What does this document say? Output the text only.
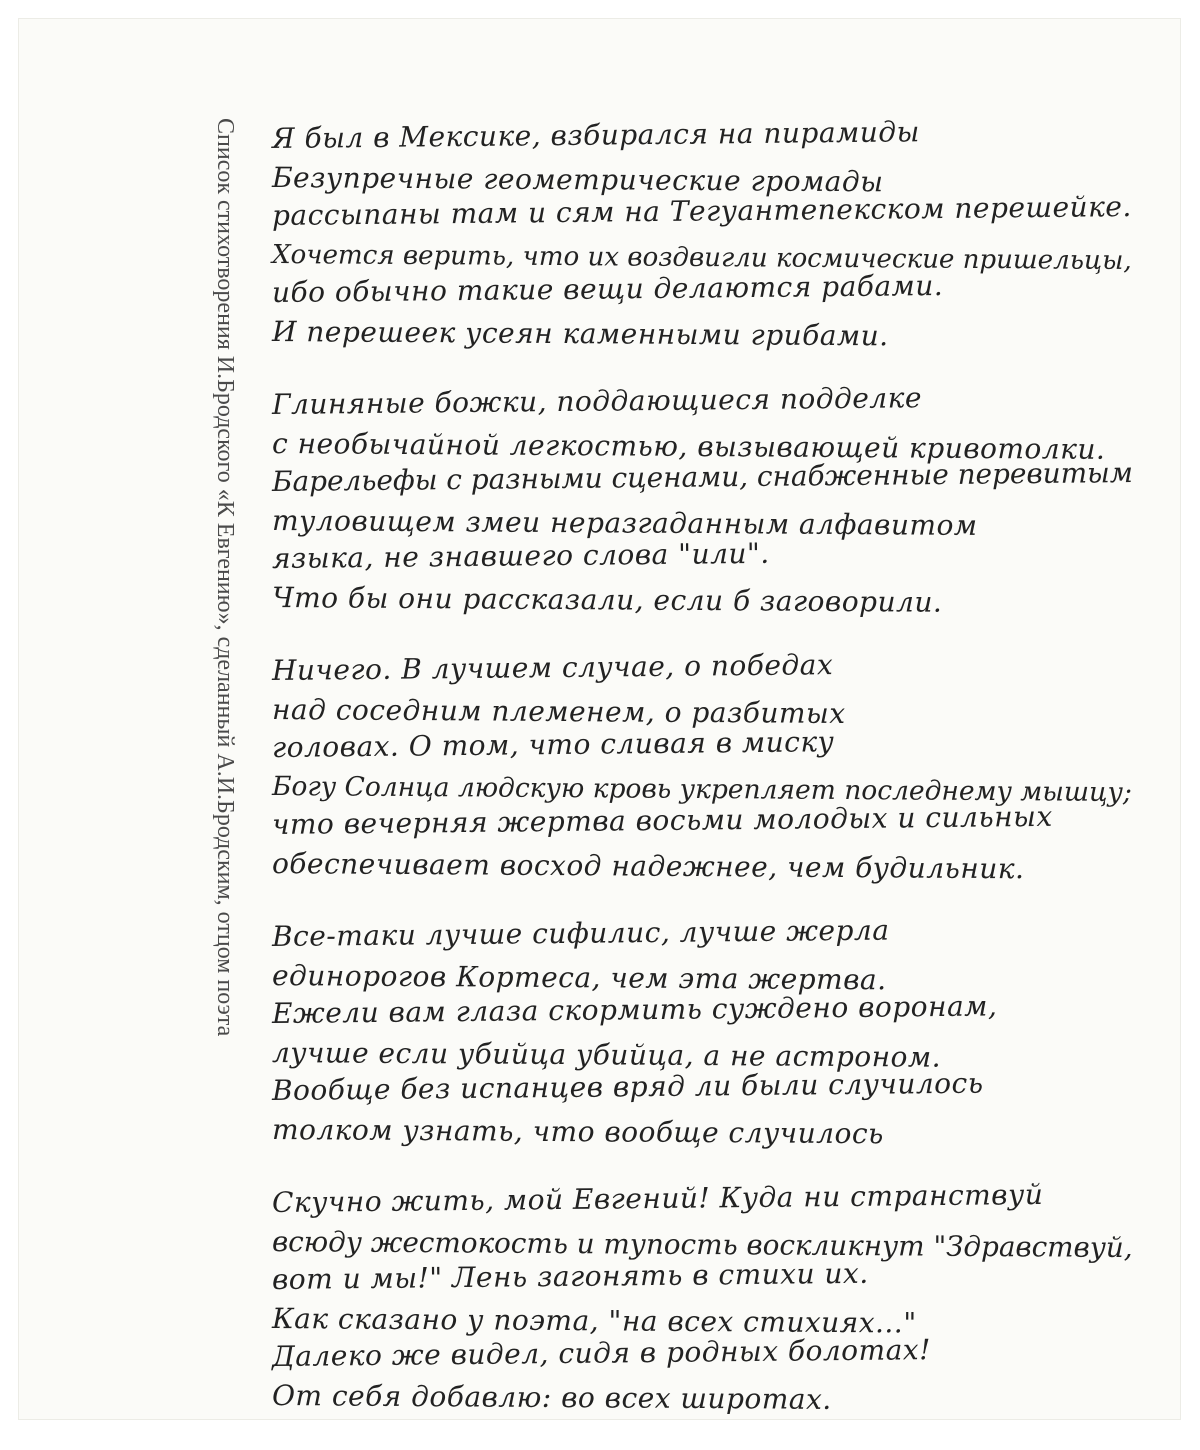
Список стихотворения И.Бродского «К Евгению», сделанный А.И.Бродским, отцом поэта Я был в Мексике, взбирался на пирамиды
Безупречные геометрические громады
рассыпаны там и сям на Тегуантепекском перешейке.
Хочется верить, что их воздвигли космические пришельцы,
ибо обычно такие вещи делаются рабами.
И перешеек усеян каменными грибами.
Глиняные божки, поддающиеся подделке
с необычайной легкостью, вызывающей кривотолки.
Барельефы с разными сценами, снабженные перевитым
туловищем змеи неразгаданным алфавитом
языка, не знавшего слова "или".
Что бы они рассказали, если б заговорили.
Ничего. В лучшем случае, о победах
над соседним племенем, о разбитых
головах. О том, что сливая в миску
Богу Солнца людскую кровь укрепляет последнему мышцу;
что вечерняя жертва восьми молодых и сильных
обеспечивает восход надежнее, чем будильник.
Все-таки лучше сифилис, лучше жерла
единорогов Кортеса, чем эта жертва.
Ежели вам глаза скормить суждено воронам,
лучше если убийца убийца, а не астроном.
Вообще без испанцев вряд ли были случилось
толком узнать, что вообще случилось
Скучно жить, мой Евгений! Куда ни странствуй
всюду жестокость и тупость воскликнут "Здравствуй,
вот и мы!" Лень загонять в стихи их.
Как сказано у поэта, "на всех стихиях..."
Далеко же видел, сидя в родных болотах!
От себя добавлю: во всех широтах.
